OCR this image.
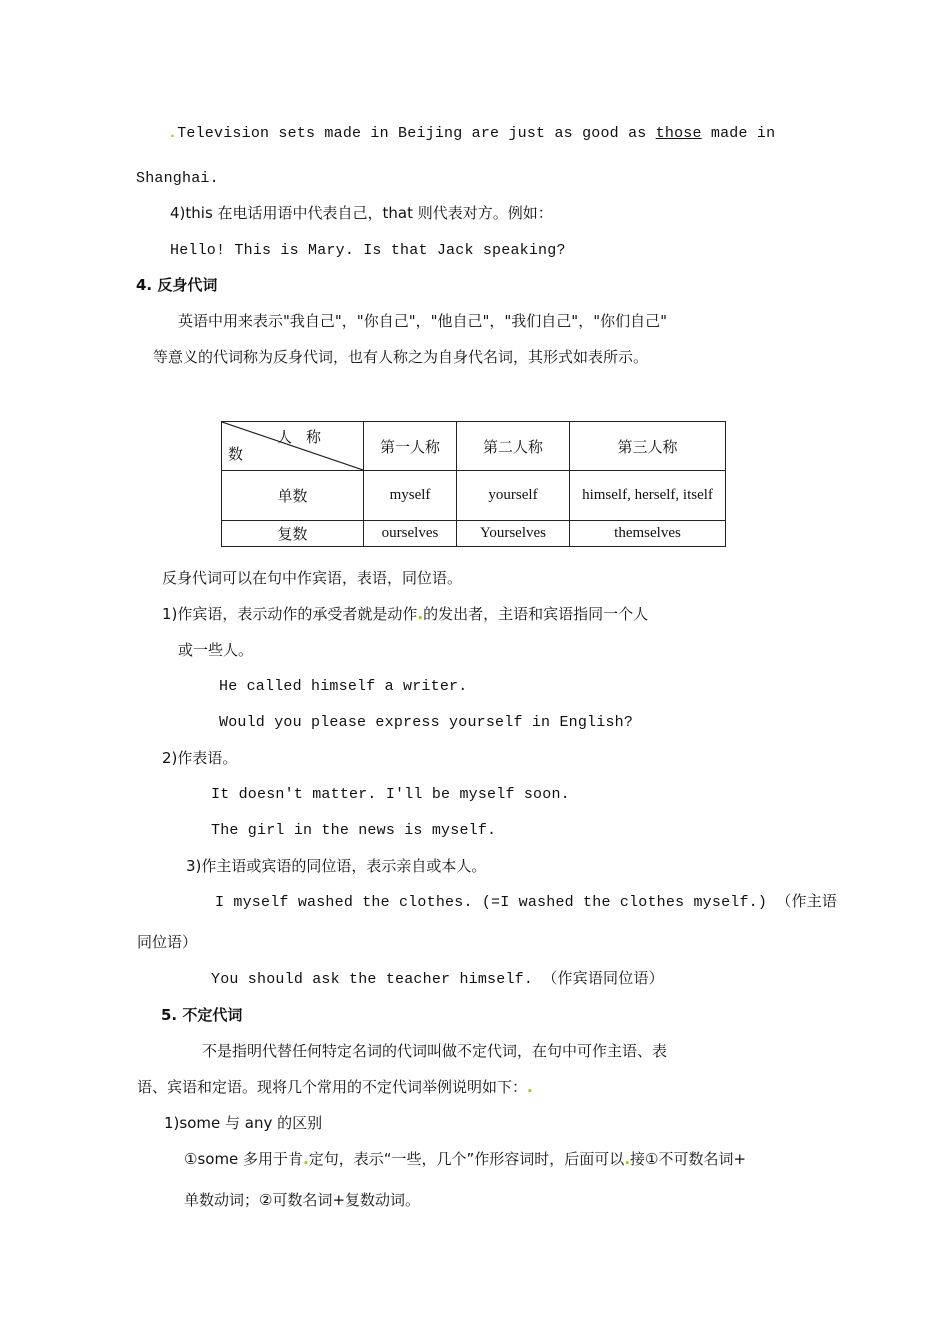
.Television sets made in Beijing are just as good as those made in
Shanghai.
4)this 在电话用语中代表自己，that 则代表对方。例如：
Hello! This is Mary. Is that Jack speaking?
4. 反身代词
英语中用来表示"我自己"，"你自己"，"他自己"，"我们自己"，"你们自己"
等意义的代词称为反身代词，也有人称之为自身代名词，其形式如表所示。
人称
数	第一人称	第二人称	第三人称
单数	myself	yourself	himself, herself, itself
复数	ourselves	Yourselves	themselves
反身代词可以在句中作宾语，表语，同位语。
1)作宾语，表示动作的承受者就是动作.的发出者，主语和宾语指同一个人
或一些人。
He called himself a writer.
Would you please express yourself in English?
2)作表语。
It doesn't matter. I'll be myself soon.
The girl in the news is myself.
3)作主语或宾语的同位语，表示亲自或本人。
I myself washed the clothes. (=I washed the clothes myself.) （作主语
同位语）
You should ask the teacher himself. （作宾语同位语）
5. 不定代词
不是指明代替任何特定名词的代词叫做不定代词，在句中可作主语、表
语、宾语和定语。现将几个常用的不定代词举例说明如下：.
1)some 与 any 的区别
①some 多用于肯.定句，表示“一些，几个”作形容词时，后面可以.接①不可数名词+
单数动词；②可数名词+复数动词。
